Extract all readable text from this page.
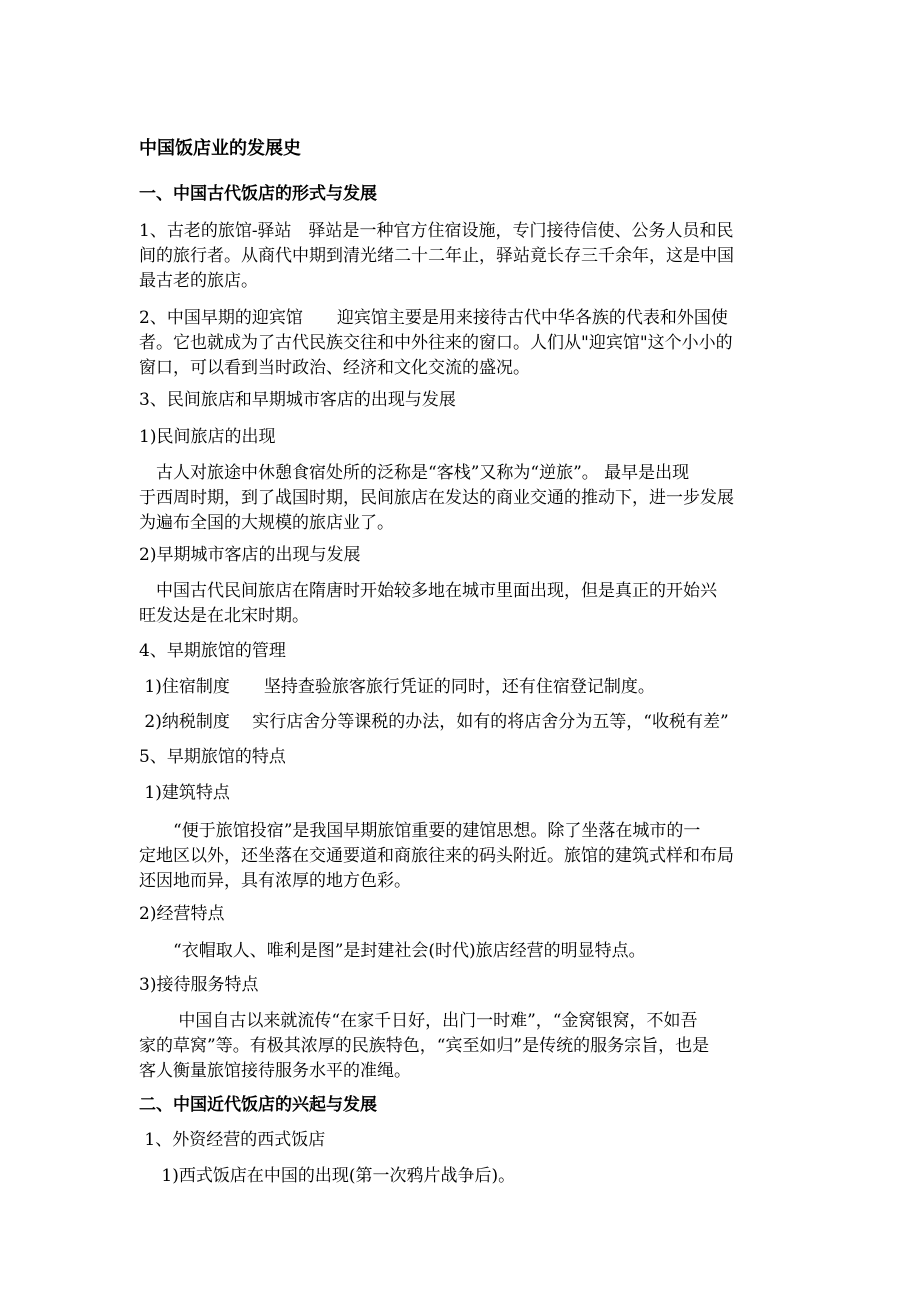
中国饭店业的发展史
一、中国古代饭店的形式与发展
1、古老的旅馆-驿站　驿站是一种官方住宿设施，专门接待信使、公务人员和民
间的旅行者。从商代中期到清光绪二十二年止，驿站竟长存三千余年，这是中国
最古老的旅店。
2、中国早期的迎宾馆　　迎宾馆主要是用来接待古代中华各族的代表和外国使
者。它也就成为了古代民族交往和中外往来的窗口。人们从"迎宾馆"这个小小的
窗口，可以看到当时政治、经济和文化交流的盛况。
3、民间旅店和早期城市客店的出现与发展
1)民间旅店的出现
　古人对旅途中休憩食宿处所的泛称是“客栈”又称为“逆旅”。 最早是出现
于西周时期，到了战国时期，民间旅店在发达的商业交通的推动下，进一步发展
为遍布全国的大规模的旅店业了。
2)早期城市客店的出现与发展
　中国古代民间旅店在隋唐时开始较多地在城市里面出现，但是真正的开始兴
旺发达是在北宋时期。
4、早期旅馆的管理
1)住宿制度　　坚持查验旅客旅行凭证的同时，还有住宿登记制度。
2)纳税制度　 实行店舍分等课税的办法，如有的将店舍分为五等，“收税有差”
5、早期旅馆的特点
1)建筑特点
　　“便于旅馆投宿”是我国早期旅馆重要的建馆思想。除了坐落在城市的一
定地区以外，还坐落在交通要道和商旅往来的码头附近。旅馆的建筑式样和布局
还因地而异，具有浓厚的地方色彩。
2)经营特点
　　“衣帽取人、唯利是图”是封建社会(时代)旅店经营的明显特点。
3)接待服务特点
　　 中国自古以来就流传“在家千日好，出门一时难”，“金窝银窝，不如吾
家的草窝”等。有极其浓厚的民族特色，“宾至如归”是传统的服务宗旨，也是
客人衡量旅馆接待服务水平的准绳。
二、中国近代饭店的兴起与发展
1、外资经营的西式饭店
　 1)西式饭店在中国的出现(第一次鸦片战争后)。
